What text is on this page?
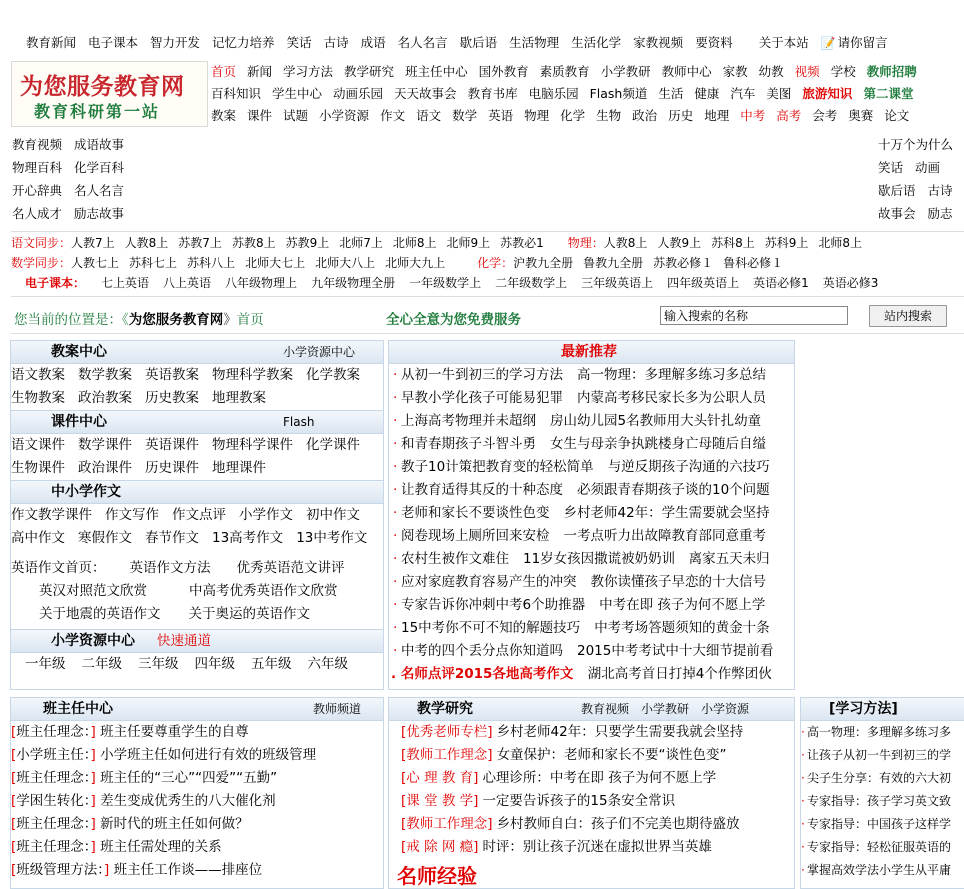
教育新闻 电子课本 智力开发 记忆力培养 笑话 古诗 成语 名人名言 歇后语 生活物理 生活化学 家教视频 要资料 关于本站 📝 请你留言
为您服务教育网
教育科研第一站
首页 新闻 学习方法 教学研究 班主任中心 国外教育 素质教育 小学教研 教师中心 家教 幼教 视频 学校 教师招聘
百科知识 学生中心 动画乐园 天天故事会 教育书库 电脑乐园 Flash频道 生活 健康 汽车 美图 旅游知识 第二课堂
教案 课件 试题 小学资源 作文 语文 数学 英语 物理 化学 生物 政治 历史 地理 中考 高考 会考 奥赛 论文
教育视频 成语故事
物理百科 化学百科
开心辞典 名人名言
名人成才 励志故事
十万个为什么
笑话 动画
歇后语 古诗
故事会 励志
语文同步：人教7上 人教8上 苏教7上 苏教8上 苏教9上 北师7上 北师8上 北师9上 苏教必1 物理：人教8上 人教9上 苏科8上 苏科9上 北师8上
数学同步：人教七上 苏科七上 苏科八上 北师大七上 北师大八上 北师大九上	化学：沪教九全册 鲁教九全册 苏教必修１ 鲁科必修１
电子课本： 七上英语 八上英语 八年级物理上 九年级物理全册 一年级数学上 二年级数学上 三年级英语上 四年级英语上 英语必修1 英语必修3
您当前的位置是：《为您服务教育网》首页	全心全意为您免费服务
输入搜索的名称	站内搜索
教案中心	小学资源中心
语文教案 数学教案 英语教案 物理科学教案 化学教案
生物教案 政治教案 历史教案 地理教案
课件中心	Flash
语文课件 数学课件 英语课件 物理科学课件 化学课件
生物课件 政治课件 历史课件 地理课件
中小学作文
作文教学课件 作文写作 作文点评 小学作文 初中作文
高中作文 寒假作文 春节作文 13高考作文 13中考作文
英语作文首页： 英语作文方法 优秀英语范文讲评
英汉对照范文欣赏	中高考优秀英语作文欣赏
关于地震的英语作文 关于奥运的英语作文
小学资源中心 快速通道
一年级 二年级 三年级 四年级 五年级 六年级
最新推荐
· 从初一牛到初三的学习方法 高一物理：多理解多练习多总结
· 早教小学化孩子可能易犯罪 内蒙高考移民家长多为公职人员
· 上海高考物理并未超纲 房山幼儿园5名教师用大头针扎幼童
· 和青春期孩子斗智斗勇 女生与母亲争执跳楼身亡母随后自缢
· 教子10计策把教育变的轻松简单 与逆反期孩子沟通的六技巧
· 让教育适得其反的十种态度 必须跟青春期孩子谈的10个问题
· 老师和家长不要谈性色变 乡村老师42年：学生需要就会坚持
· 阅卷现场上厕所回来安检 一考点听力出故障教育部同意重考
· 农村生被作文难住 11岁女孩因撒谎被奶奶训　离家五天未归
· 应对家庭教育容易产生的冲突 教你读懂孩子早恋的十大信号
· 专家告诉你冲刺中考6个助推器 中考在即 孩子为何不愿上学
· 15中考你不可不知的解题技巧 中考考场答题须知的黄金十条
· 中考的四个丢分点你知道吗 2015中考考试中十大细节提前看
. 名师点评2015各地高考作文 湖北高考首日打掉4个作弊团伙
班主任中心	教师频道
[班主任理念：] 班主任要尊重学生的自尊
[小学班主任：] 小学班主任如何进行有效的班级管理
[班主任理念：] 班主任的“三心”“四爱”“五勤”
[学困生转化：] 差生变成优秀生的八大催化剂
[班主任理念：] 新时代的班主任如何做？
[班主任理念：] 班主任需处理的关系
[班级管理方法：] 班主任工作谈——排座位
教学研究	教育视频 小学教研 小学资源
[优秀老师专栏] 乡村老师42年：只要学生需要我就会坚持
[教师工作理念] 女童保护：老师和家长不要“谈性色变”
[心 理 教 育] 心理诊所：中考在即 孩子为何不愿上学
[课 堂 教 学] 一定要告诉孩子的15条安全常识
[教师工作理念] 乡村教师自白：孩子们不完美也期待盛放
[戒 除 网 瘾] 时评：别让孩子沉迷在虚拟世界当英雄
名师经验
[学习方法]
· 高一物理：多理解多练习多
· 让孩子从初一牛到初三的学
· 尖子生分享：有效的六大初
· 专家指导：孩子学习英文致
· 专家指导：中国孩子这样学
· 专家指导：轻松征服英语的
· 掌握高效学法小学生从平庸
